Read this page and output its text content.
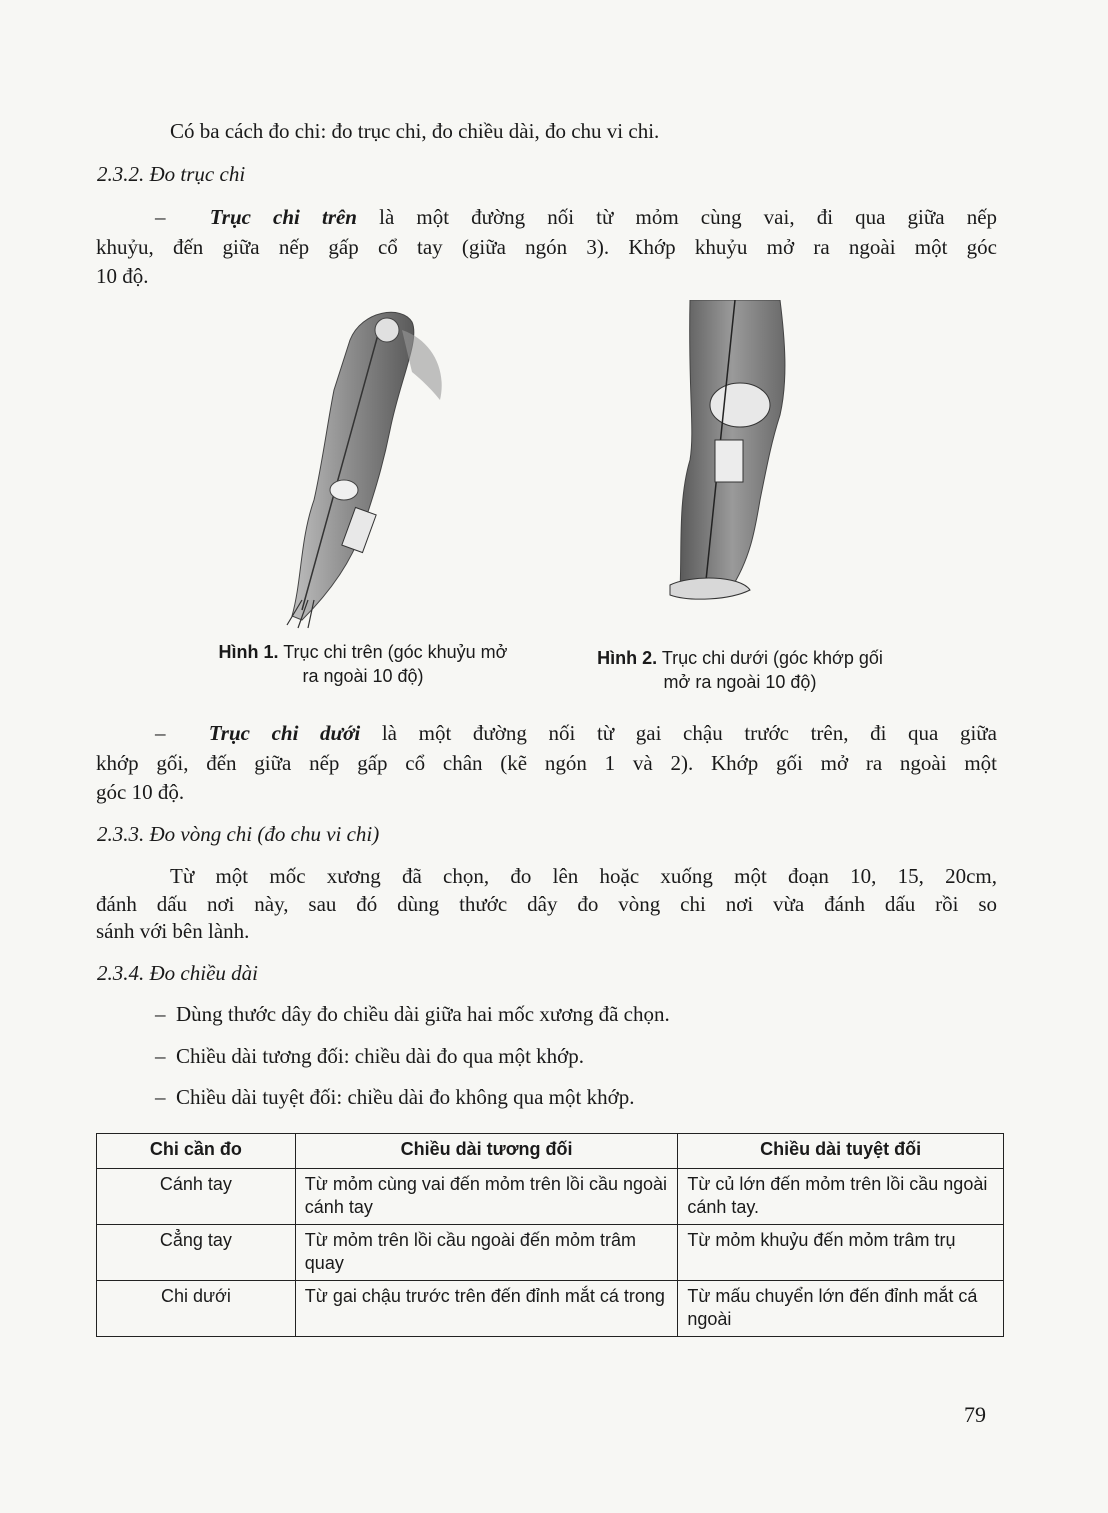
Có ba cách đo chi: đo trục chi, đo chiều dài, đo chu vi chi.
2.3.2. Đo trục chi
–  Trục chi trên là một đường nối từ mỏm cùng vai, đi qua giữa nếp
khuỷu, đến giữa nếp gấp cổ tay (giữa ngón 3). Khớp khuỷu mở ra ngoài một góc
10 độ.
Hình 1. Trục chi trên (góc khuỷu mở
ra ngoài 10 độ)
Hình 2. Trục chi dưới (góc khớp gối
mở ra ngoài 10 độ)
–  Trục chi dưới là một đường nối từ gai chậu trước trên, đi qua giữa
khớp gối, đến giữa nếp gấp cổ chân (kẽ ngón 1 và 2). Khớp gối mở ra ngoài một
góc 10 độ.
2.3.3. Đo vòng chi (đo chu vi chi)
Từ một mốc xương đã chọn, đo lên hoặc xuống một đoạn 10, 15, 20cm,
đánh dấu nơi này, sau đó dùng thước dây đo vòng chi nơi vừa đánh dấu rồi so
sánh với bên lành.
2.3.4. Đo chiều dài
–  Dùng thước dây đo chiều dài giữa hai mốc xương đã chọn.
–  Chiều dài tương đối: chiều dài đo qua một khớp.
–  Chiều dài tuyệt đối: chiều dài đo không qua một khớp.
Chi cần đo	Chiều dài tương đối	Chiều dài tuyệt đối
Cánh tay	Từ mỏm cùng vai đến mỏm trên lồi cầu ngoài cánh tay	Từ củ lớn đến mỏm trên lồi cầu ngoài cánh tay.
Cẳng tay	Từ mỏm trên lồi cầu ngoài đến mỏm trâm quay	Từ mỏm khuỷu đến mỏm trâm trụ
Chi dưới	Từ gai chậu trước trên đến đỉnh mắt cá trong	Từ mấu chuyển lớn đến đỉnh mắt cá ngoài
79
